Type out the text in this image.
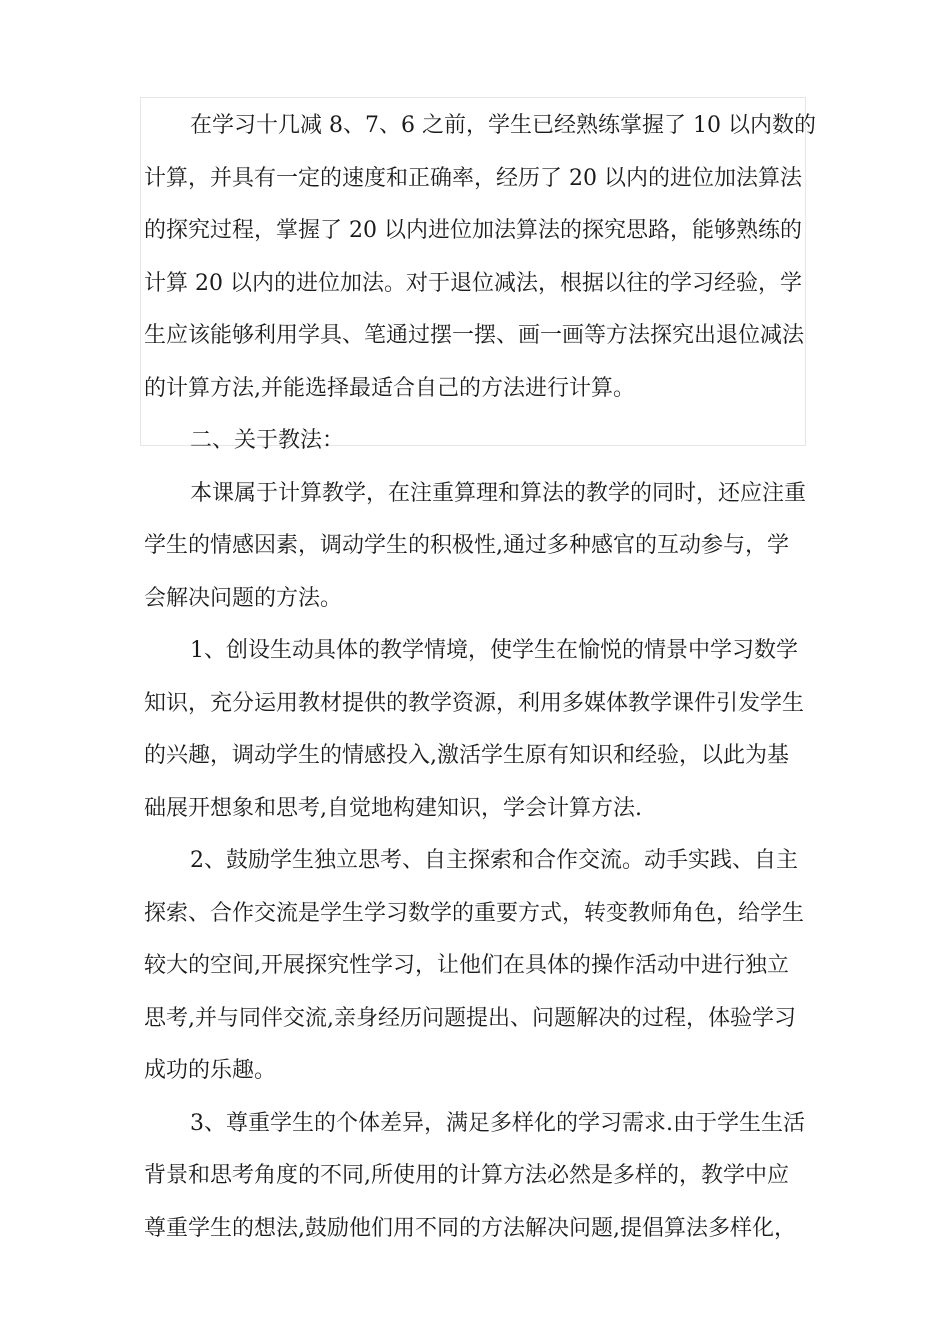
在学习十几减 8、7、6 之前，学生已经熟练掌握了 10 以内数的
计算，并具有一定的速度和正确率，经历了 20 以内的进位加法算法
的探究过程，掌握了 20 以内进位加法算法的探究思路，能够熟练的
计算 20 以内的进位加法。对于退位减法，根据以往的学习经验，学
生应该能够利用学具、笔通过摆一摆、画一画等方法探究出退位减法
的计算方法,并能选择最适合自己的方法进行计算。
二、关于教法：
本课属于计算教学，在注重算理和算法的教学的同时，还应注重
学生的情感因素，调动学生的积极性,通过多种感官的互动参与，学
会解决问题的方法。
1、创设生动具体的教学情境，使学生在愉悦的情景中学习数学
知识，充分运用教材提供的教学资源，利用多媒体教学课件引发学生
的兴趣，调动学生的情感投入,激活学生原有知识和经验，以此为基
础展开想象和思考,自觉地构建知识，学会计算方法.
2、鼓励学生独立思考、自主探索和合作交流。动手实践、自主
探索、合作交流是学生学习数学的重要方式，转变教师角色，给学生
较大的空间,开展探究性学习，让他们在具体的操作活动中进行独立
思考,并与同伴交流,亲身经历问题提出、问题解决的过程，体验学习
成功的乐趣。
3、尊重学生的个体差异，满足多样化的学习需求.由于学生生活
背景和思考角度的不同,所使用的计算方法必然是多样的，教学中应
尊重学生的想法,鼓励他们用不同的方法解决问题,提倡算法多样化，
